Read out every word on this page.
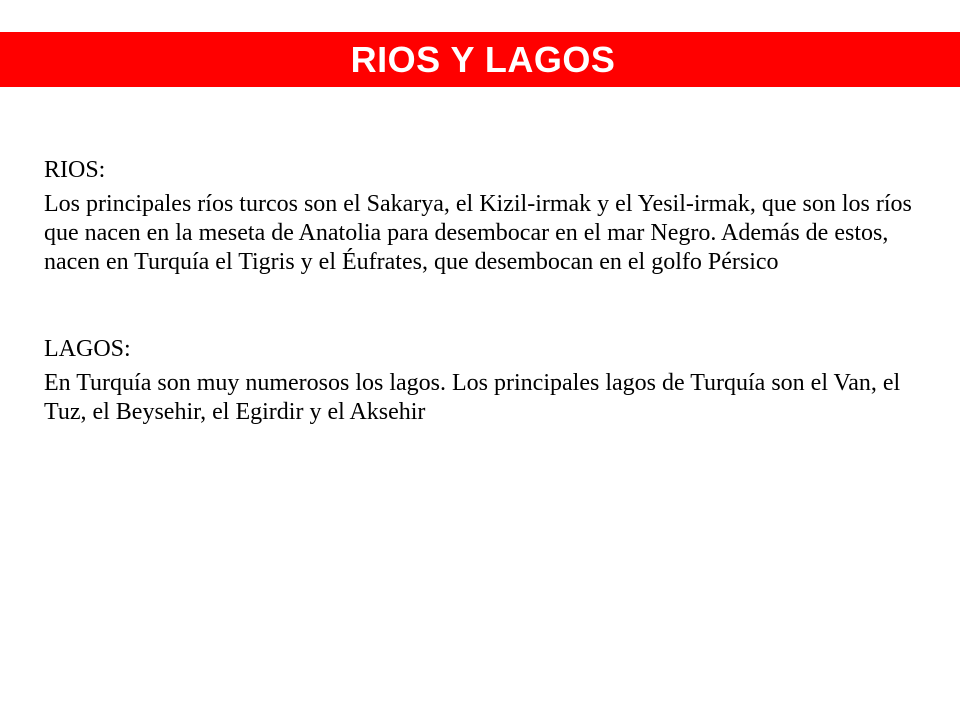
RIOS Y LAGOS

RIOS:

Los principales ríos turcos son el Sakarya, el Kizil-irmak y el Yesil-irmak, que son los ríos que nacen en la meseta de Anatolia para desembocar en el mar Negro. Además de estos, nacen en Turquía el Tigris y el Éufrates, que desembocan en el golfo Pérsico

LAGOS:

En Turquía son muy numerosos los lagos. Los principales lagos de Turquía son el Van, el Tuz, el Beysehir, el Egirdir y el Aksehir
